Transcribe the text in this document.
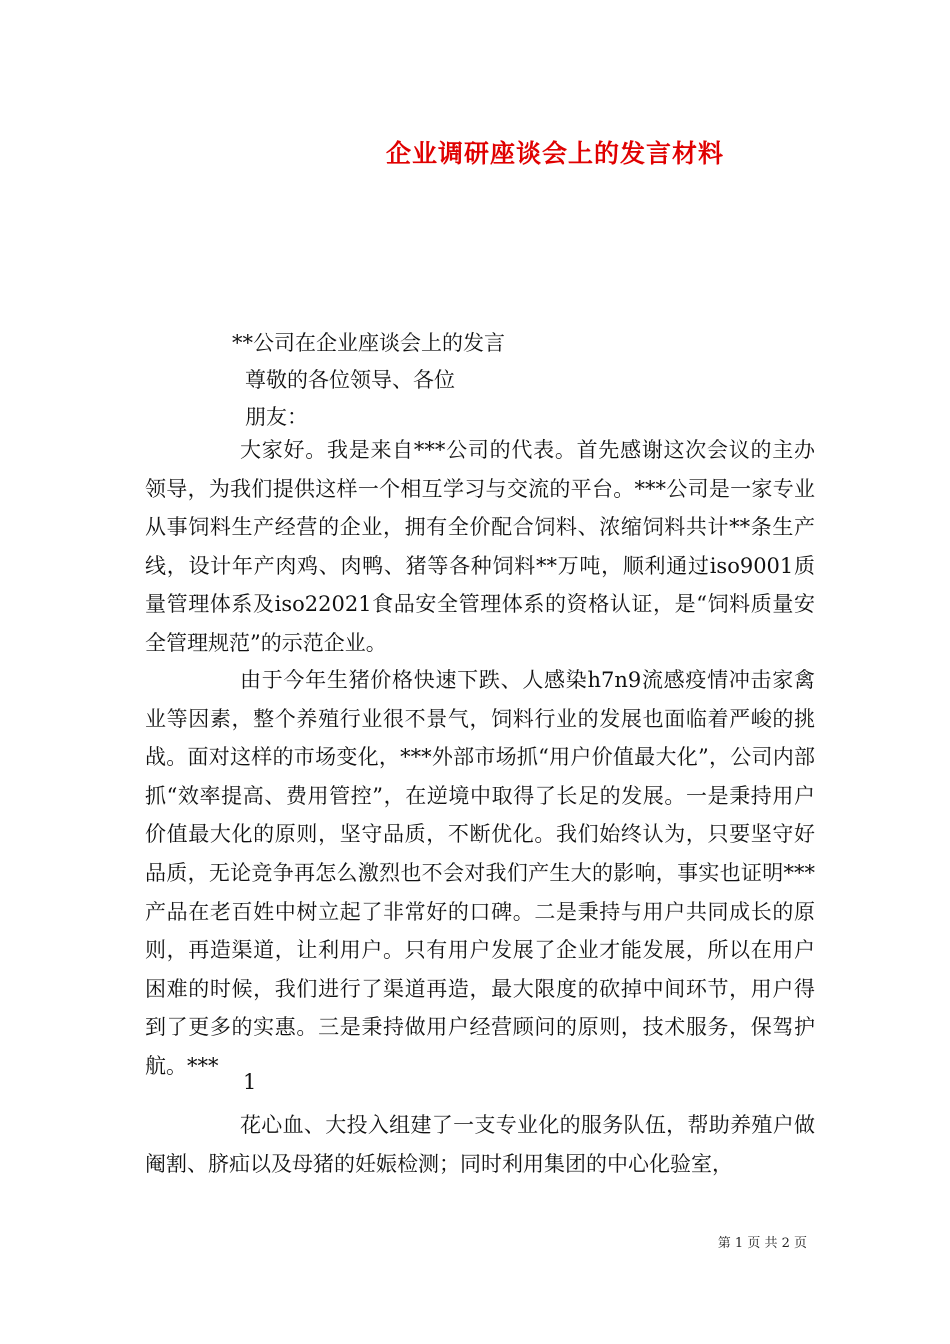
企业调研座谈会上的发言材料
**公司在企业座谈会上的发言
尊敬的各位领导、各位
朋友：
大家好。我是来自***公司的代表。首先感谢这次会议的主办领导，为我们提供这样一个相互学习与交流的平台。***公司是一家专业从事饲料生产经营的企业，拥有全价配合饲料、浓缩饲料共计**条生产线，设计年产肉鸡、肉鸭、猪等各种饲料**万吨，顺利通过iso9001质量管理体系及iso22021食品安全管理体系的资格认证，是“饲料质量安全管理规范”的示范企业。
由于今年生猪价格快速下跌、人感染h7n9流感疫情冲击家禽业等因素，整个养殖行业很不景气，饲料行业的发展也面临着严峻的挑战。面对这样的市场变化，***外部市场抓“用户价值最大化”，公司内部抓“效率提高、费用管控”，在逆境中取得了长足的发展。一是秉持用户价值最大化的原则，坚守品质，不断优化。我们始终认为，只要坚守好品质，无论竞争再怎么激烈也不会对我们产生大的影响，事实也证明***产品在老百姓中树立起了非常好的口碑。二是秉持与用户共同成长的原则，再造渠道，让利用户。只有用户发展了企业才能发展，所以在用户困难的时候，我们进行了渠道再造，最大限度的砍掉中间环节，用户得到了更多的实惠。三是秉持做用户经营顾问的原则，技术服务，保驾护航。***
1
花心血、大投入组建了一支专业化的服务队伍，帮助养殖户做阉割、脐疝以及母猪的妊娠检测；同时利用集团的中心化验室，
第 1 页 共 2 页
